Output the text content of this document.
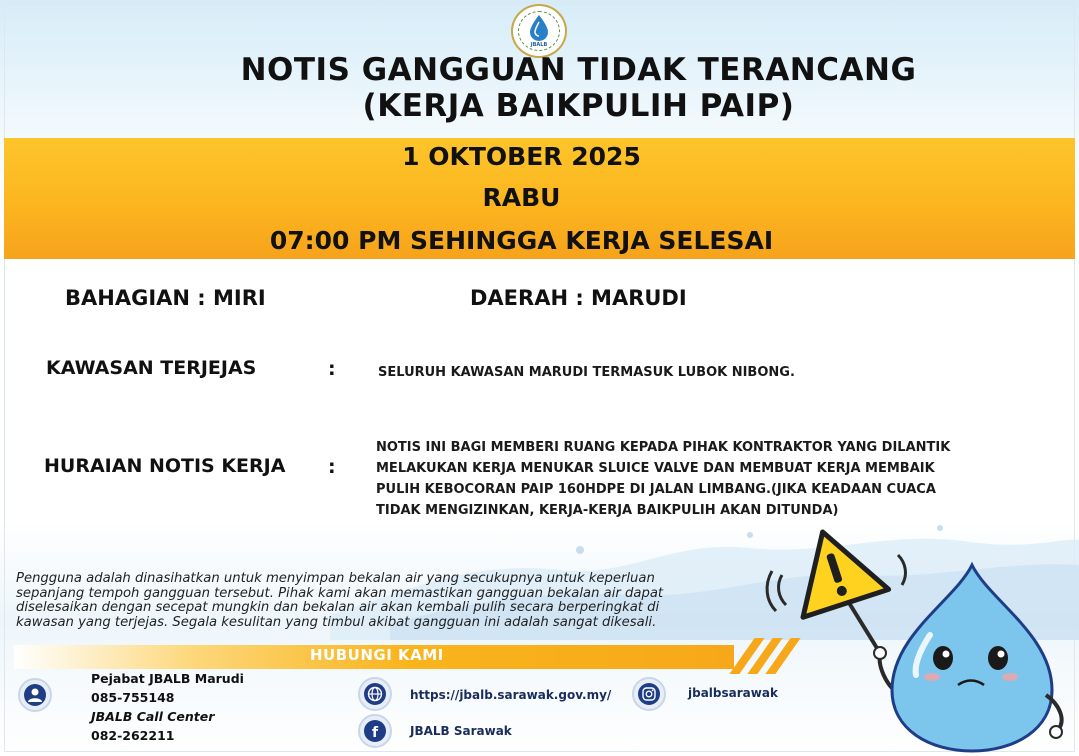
JBALB
NOTIS GANGGUAN TIDAK TERANCANG
(KERJA BAIKPULIH PAIP)
1 OKTOBER 2025
RABU
07:00 PM SEHINGGA KERJA SELESAI
BAHAGIAN : MIRI	DAERAH : MARUDI
KAWASAN TERJEJAS	:	SELURUH KAWASAN MARUDI TERMASUK LUBOK NIBONG.
HURAIAN NOTIS KERJA :
NOTIS INI BAGI MEMBERI RUANG KEPADA PIHAK KONTRAKTOR YANG DILANTIK
MELAKUKAN KERJA MENUKAR SLUICE VALVE DAN MEMBUAT KERJA MEMBAIK
PULIH KEBOCORAN PAIP 160HDPE DI JALAN LIMBANG.(JIKA KEADAAN CUACA
TIDAK MENGIZINKAN, KERJA-KERJA BAIKPULIH AKAN DITUNDA)
Pengguna adalah dinasihatkan untuk menyimpan bekalan air yang secukupnya untuk keperluan
sepanjang tempoh gangguan tersebut. Pihak kami akan memastikan gangguan bekalan air dapat
diselesaikan dengan secepat mungkin dan bekalan air akan kembali pulih secara berperingkat di
kawasan yang terjejas. Segala kesulitan yang timbul akibat gangguan ini adalah sangat dikesali.
HUBUNGI KAMI
Pejabat JBALB Marudi
085-755148
JBALB Call Center
082-262211
https://jbalb.sarawak.gov.my/
f	JBALB Sarawak
jbalbsarawak
